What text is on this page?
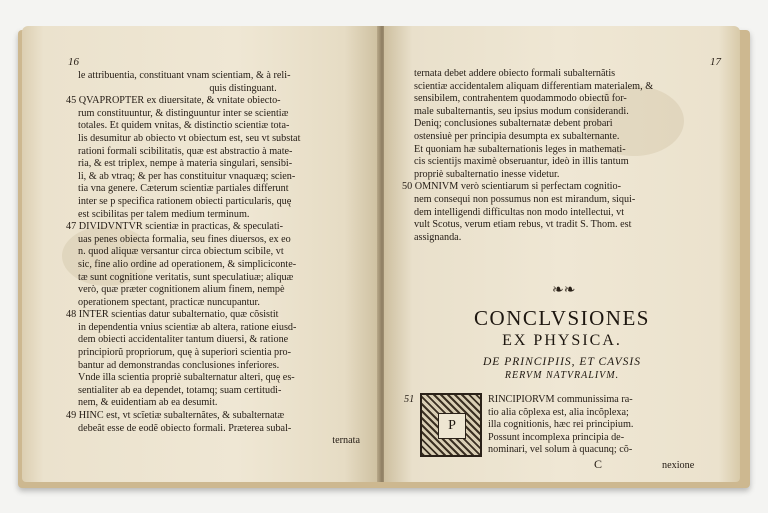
16

le attribuentia, constituant vnam scientiam, & à reli-

quis distinguant.

45 QVAPROPTER ex diuersitate, & vnitate obiecto-

rum constituuntur, & distinguuntur inter se scientiæ

totales. Et quidem vnitas, & distinctio scientiæ tota-

lis desumitur ab obiecto vt obiectum est, seu vt substat

rationi formali scibilitatis, quæ est abstractio à mate-

ria, & est triplex, nempe à materia singulari, sensibi-

li, & ab vtraq; & per has constituitur vnaquæq; scien-

tia vna genere. Cæterum scientiæ partiales differunt

inter se p specifica rationem obiecti particularis, quę

est scibilitas per talem medium terminum.

47 DIVIDVNTVR scientiæ in practicas, & speculati-

uas penes obiecta formalia, seu fines diuersos, ex eo

n. quod aliquæ versantur circa obiectum scibile, vt

sic, fine alio ordine ad operationem, & simpliciconte-

tæ sunt cognitione veritatis, sunt speculatiuæ; aliquæ

verò, quæ præter cognitionem alium finem, nempè

operationem spectant, practicæ nuncupantur.

48 INTER scientias datur subalternatio, quæ cõsistit

in dependentia vnius scientiæ ab altera, ratione eiusd-

dem obiecti accidentaliter tantum diuersi, & ratione

principiorũ propriorum, quę à superiori scientia pro-

bantur ad demonstrandas conclusiones inferiores.

Vnde illa scientia propriè subalternatur alteri, quę es-

sentialiter ab ea dependet, totamq; suam certitudi-

nem, & euidentiam ab ea desumit.

49 HINC est, vt scĩetiæ subalternãtes, & subalternatæ

debeãt esse de eodẽ obiecto formali. Præterea subal-

ternata

17

ternata debet addere obiecto formali subalternãtis

scientiæ accidentalem aliquam differentiam materialem, &

sensibilem, contrahentem quodammodo obiectũ for-

male subalternantis, seu ipsius modum considerandi.

Deniq; conclusiones subalternatæ debent probari

ostensiuè per principia desumpta ex subalternante.

Et quoniam hæ subalternationis leges in mathemati-

cis scientijs maximè obseruantur, ideò in illis tantum

propriè subalternatio inesse videtur.

50 OMNIVM verò scientiarum si perfectam cognitio-

nem consequi non possumus non est mirandum, siqui-

dem intelligendi difficultas non modo intellectui, vt

vult Scotus, verum etiam rebus, vt tradit S. Thom. est

assignanda.

❧❧
CONCLVSIONES
EX PHYSICA.
DE PRINCIPIIS, ET CAVSIS
RERVM NATVRALIVM.
51
P

RINCIPIORVM communissima ra-

tio alia cõplexa est, alia incõplexa;

illa cognitionis, hæc rei principium.

Possunt incomplexa principia de-

nominari, vel solum à quacunq; cõ-

C	nexione
